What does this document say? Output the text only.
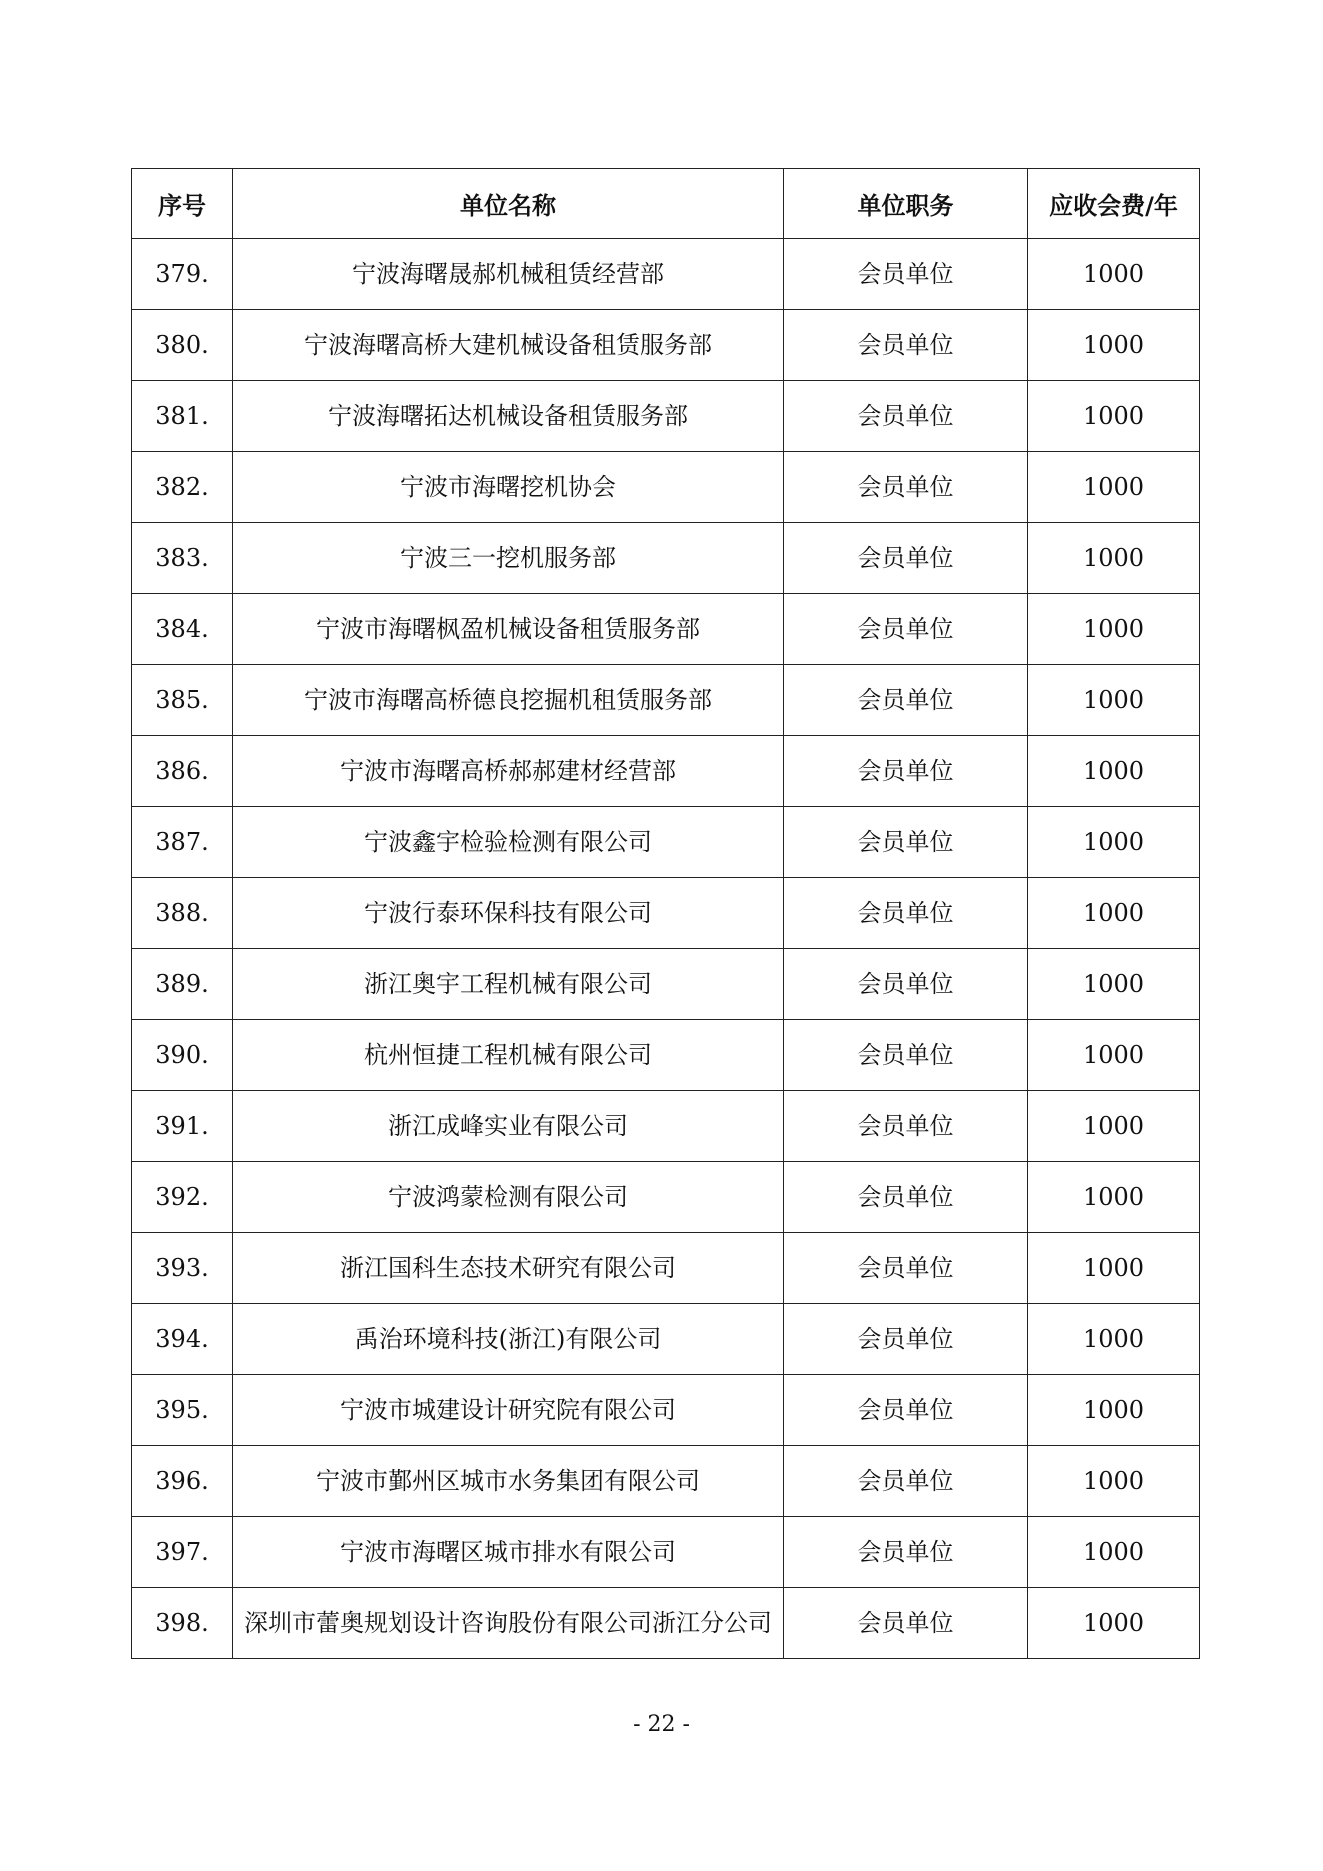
序号	单位名称	单位职务	应收会费/年
379.	宁波海曙晟郝机械租赁经营部	会员单位	1000
380.	宁波海曙高桥大建机械设备租赁服务部	会员单位	1000
381.	宁波海曙拓达机械设备租赁服务部	会员单位	1000
382.	宁波市海曙挖机协会	会员单位	1000
383.	宁波三一挖机服务部	会员单位	1000
384.	宁波市海曙枫盈机械设备租赁服务部	会员单位	1000
385.	宁波市海曙高桥德良挖掘机租赁服务部	会员单位	1000
386.	宁波市海曙高桥郝郝建材经营部	会员单位	1000
387.	宁波鑫宇检验检测有限公司	会员单位	1000
388.	宁波行泰环保科技有限公司	会员单位	1000
389.	浙江奥宇工程机械有限公司	会员单位	1000
390.	杭州恒捷工程机械有限公司	会员单位	1000
391.	浙江成峰实业有限公司	会员单位	1000
392.	宁波鸿蒙检测有限公司	会员单位	1000
393.	浙江国科生态技术研究有限公司	会员单位	1000
394.	禹治环境科技(浙江)有限公司	会员单位	1000
395.	宁波市城建设计研究院有限公司	会员单位	1000
396.	宁波市鄞州区城市水务集团有限公司	会员单位	1000
397.	宁波市海曙区城市排水有限公司	会员单位	1000
398.	深圳市蕾奥规划设计咨询股份有限公司浙江分公司	会员单位	1000
- 22 -
